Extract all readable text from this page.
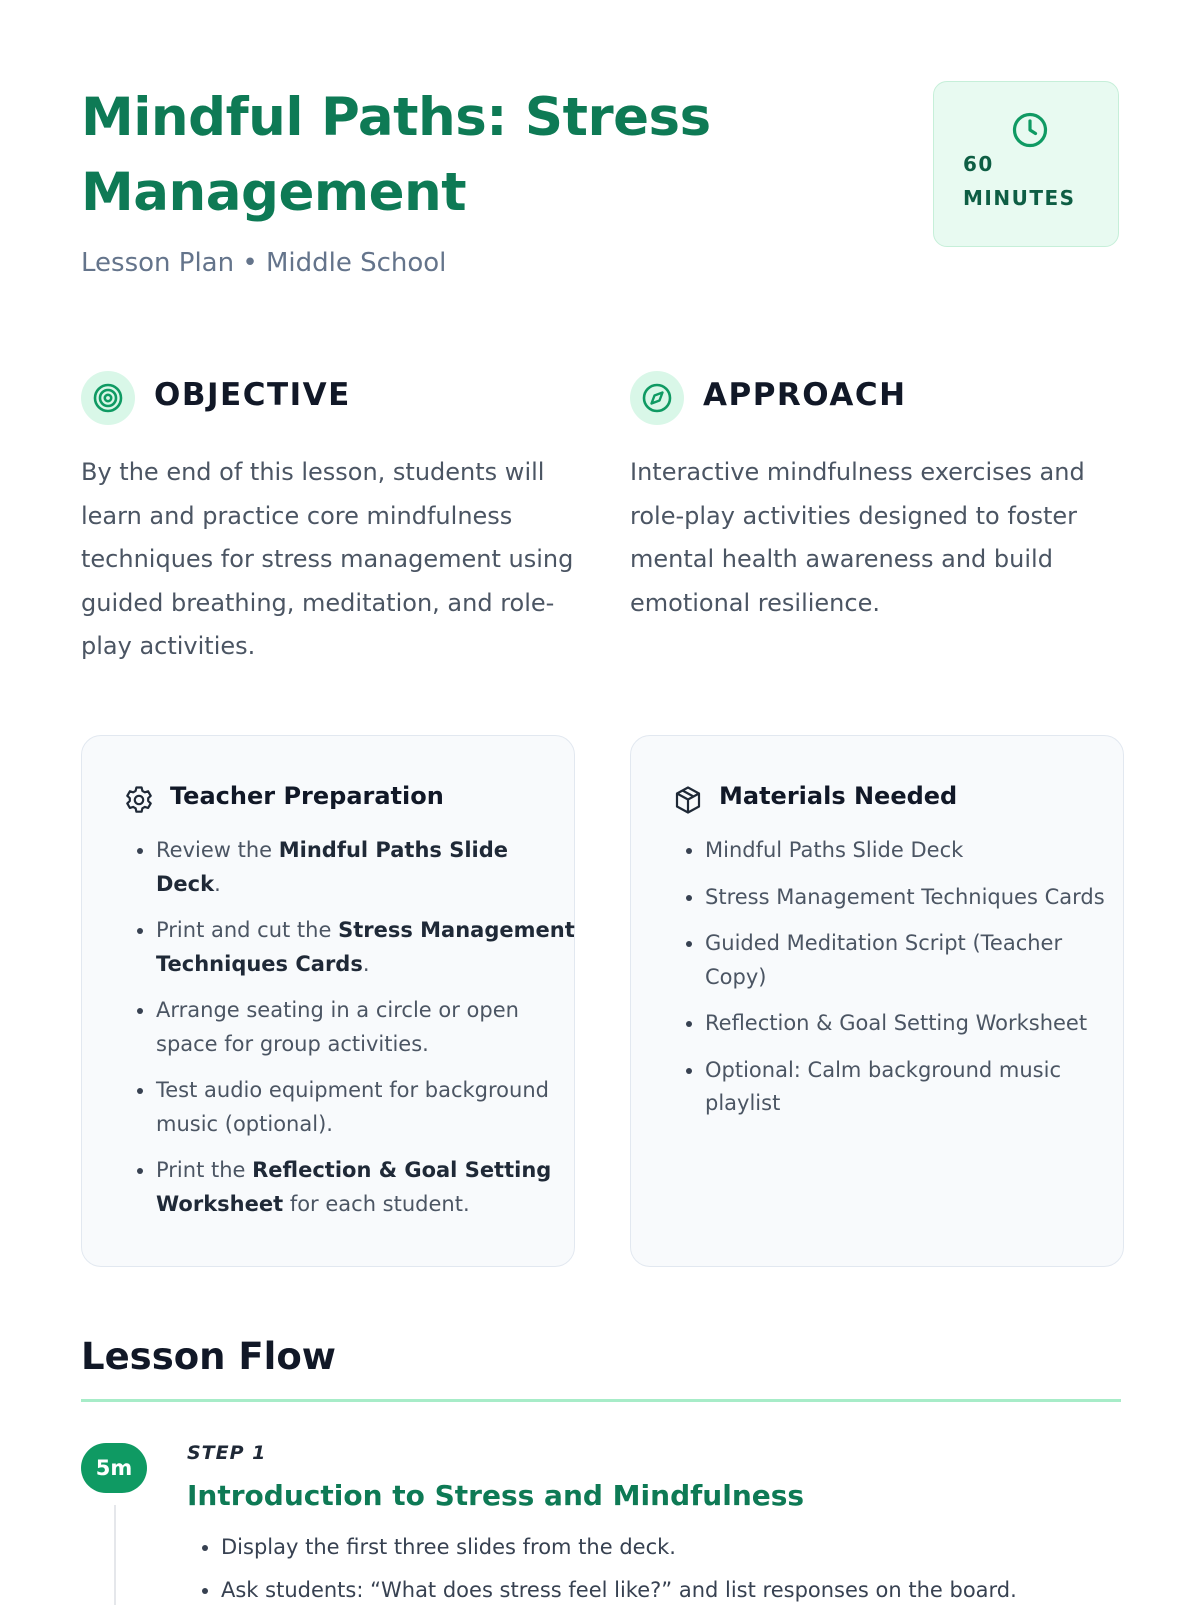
Mindful Paths: Stress Management
Lesson Plan • Middle School
60
MINUTES
OBJECTIVE
By the end of this lesson, students will learn and practice core mindfulness techniques for stress management using guided breathing, meditation, and role-play activities.
APPROACH
Interactive mindfulness exercises and role-play activities designed to foster mental health awareness and build emotional resilience.
Teacher Preparation
• Review the Mindful Paths Slide Deck.
• Print and cut the Stress Management Techniques Cards.
• Arrange seating in a circle or open space for group activities.
• Test audio equipment for background music (optional).
• Print the Reflection & Goal Setting Worksheet for each student.
Materials Needed
• Mindful Paths Slide Deck
• Stress Management Techniques Cards
• Guided Meditation Script (Teacher Copy)
• Reflection & Goal Setting Worksheet
• Optional: Calm background music playlist
Lesson Flow
5m
STEP 1
Introduction to Stress and Mindfulness
• Display the first three slides from the deck.
• Ask students: “What does stress feel like?” and list responses on the board.
